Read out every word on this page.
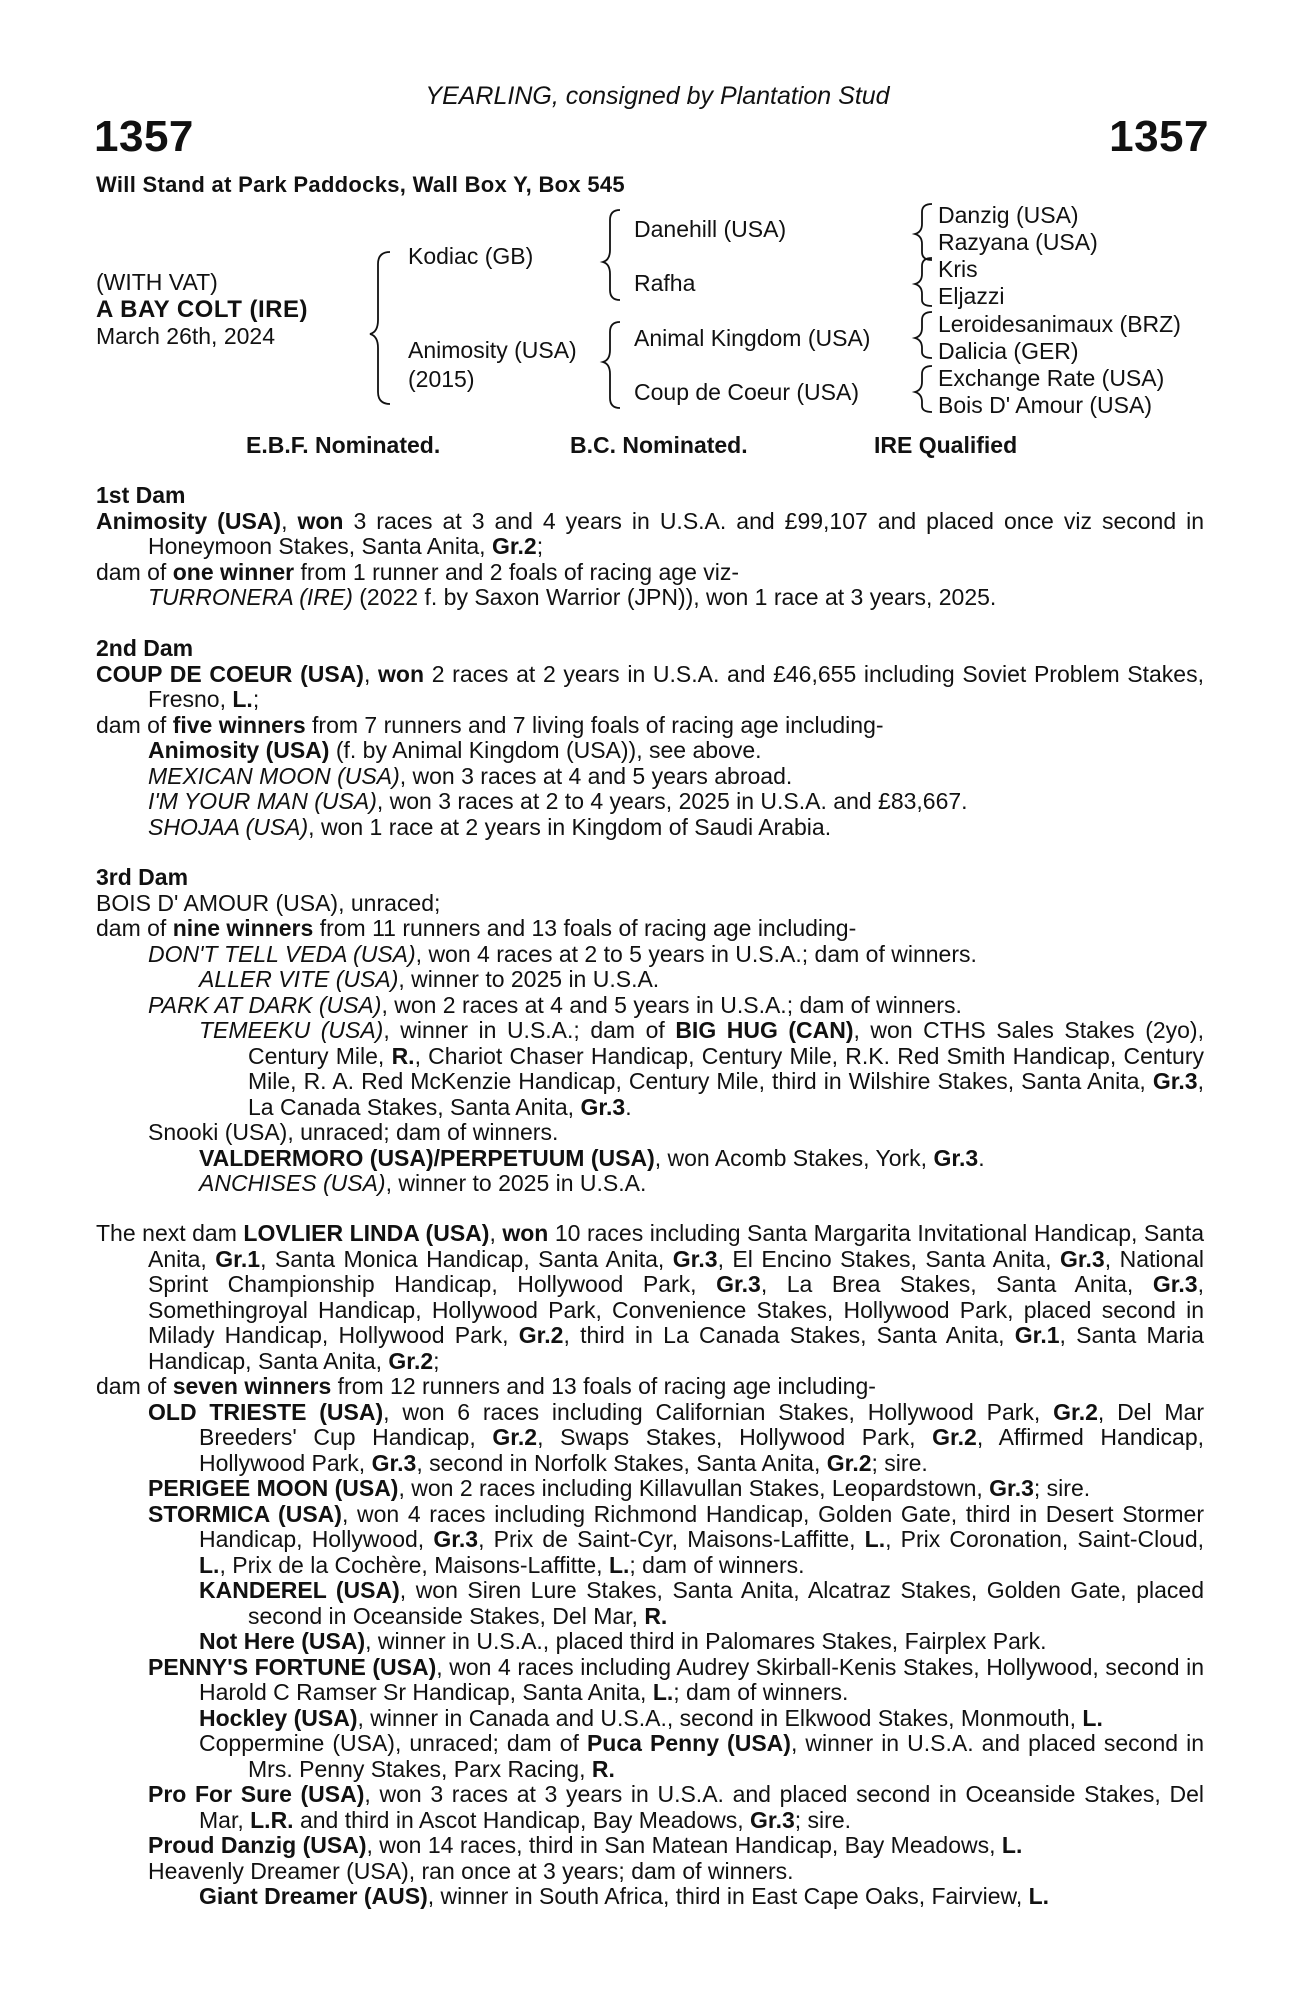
YEARLING, consigned by Plantation Stud
1357	1357
Will Stand at Park Paddocks, Wall Box Y, Box 545
(WITH VAT)
A BAY COLT (IRE)
March 26th, 2024
Kodiac (GB)
Animosity (USA)
(2015)
Danehill (USA)
Rafha
Animal Kingdom (USA)
Coup de Coeur (USA)
Danzig (USA)
Razyana (USA)
Kris
Eljazzi
Leroidesanimaux (BRZ)
Dalicia (GER)
Exchange Rate (USA)
Bois D' Amour (USA)
E.B.F. Nominated.	B.C. Nominated.	IRE Qualified
1st Dam
Animosity (USA), won 3 races at 3 and 4 years in U.S.A. and £99,107 and placed once viz second in Honeymoon Stakes, Santa Anita, Gr.2;
dam of one winner from 1 runner and 2 foals of racing age viz-
TURRONERA (IRE) (2022 f. by Saxon Warrior (JPN)), won 1 race at 3 years, 2025.
2nd Dam
COUP DE COEUR (USA), won 2 races at 2 years in U.S.A. and £46,655 including Soviet Problem Stakes, Fresno, L.;
dam of five winners from 7 runners and 7 living foals of racing age including-
Animosity (USA) (f. by Animal Kingdom (USA)), see above.
MEXICAN MOON (USA), won 3 races at 4 and 5 years abroad.
I'M YOUR MAN (USA), won 3 races at 2 to 4 years, 2025 in U.S.A. and £83,667.
SHOJAA (USA), won 1 race at 2 years in Kingdom of Saudi Arabia.
3rd Dam
BOIS D' AMOUR (USA), unraced;
dam of nine winners from 11 runners and 13 foals of racing age including-
DON'T TELL VEDA (USA), won 4 races at 2 to 5 years in U.S.A.; dam of winners.
ALLER VITE (USA), winner to 2025 in U.S.A.
PARK AT DARK (USA), won 2 races at 4 and 5 years in U.S.A.; dam of winners.
TEMEEKU (USA), winner in U.S.A.; dam of BIG HUG (CAN), won CTHS Sales Stakes (2yo), Century Mile, R., Chariot Chaser Handicap, Century Mile, R.K. Red Smith Handicap, Century Mile, R. A. Red McKenzie Handicap, Century Mile, third in Wilshire Stakes, Santa Anita, Gr.3, La Canada Stakes, Santa Anita, Gr.3.
Snooki (USA), unraced; dam of winners.
VALDERMORO (USA)/PERPETUUM (USA), won Acomb Stakes, York, Gr.3.
ANCHISES (USA), winner to 2025 in U.S.A.
The next dam LOVLIER LINDA (USA), won 10 races including Santa Margarita Invitational Handicap, Santa Anita, Gr.1, Santa Monica Handicap, Santa Anita, Gr.3, El Encino Stakes, Santa Anita, Gr.3, National Sprint Championship Handicap, Hollywood Park, Gr.3, La Brea Stakes, Santa Anita, Gr.3, Somethingroyal Handicap, Hollywood Park, Convenience Stakes, Hollywood Park, placed second in Milady Handicap, Hollywood Park, Gr.2, third in La Canada Stakes, Santa Anita, Gr.1, Santa Maria Handicap, Santa Anita, Gr.2;
dam of seven winners from 12 runners and 13 foals of racing age including-
OLD TRIESTE (USA), won 6 races including Californian Stakes, Hollywood Park, Gr.2, Del Mar Breeders' Cup Handicap, Gr.2, Swaps Stakes, Hollywood Park, Gr.2, Affirmed Handicap, Hollywood Park, Gr.3, second in Norfolk Stakes, Santa Anita, Gr.2; sire.
PERIGEE MOON (USA), won 2 races including Killavullan Stakes, Leopardstown, Gr.3; sire.
STORMICA (USA), won 4 races including Richmond Handicap, Golden Gate, third in Desert Stormer Handicap, Hollywood, Gr.3, Prix de Saint-Cyr, Maisons-Laffitte, L., Prix Coronation, Saint-Cloud, L., Prix de la Cochère, Maisons-Laffitte, L.; dam of winners.
KANDEREL (USA), won Siren Lure Stakes, Santa Anita, Alcatraz Stakes, Golden Gate, placed second in Oceanside Stakes, Del Mar, R.
Not Here (USA), winner in U.S.A., placed third in Palomares Stakes, Fairplex Park.
PENNY'S FORTUNE (USA), won 4 races including Audrey Skirball-Kenis Stakes, Hollywood, second in Harold C Ramser Sr Handicap, Santa Anita, L.; dam of winners.
Hockley (USA), winner in Canada and U.S.A., second in Elkwood Stakes, Monmouth, L.
Coppermine (USA), unraced; dam of Puca Penny (USA), winner in U.S.A. and placed second in Mrs. Penny Stakes, Parx Racing, R.
Pro For Sure (USA), won 3 races at 3 years in U.S.A. and placed second in Oceanside Stakes, Del Mar, L.R. and third in Ascot Handicap, Bay Meadows, Gr.3; sire.
Proud Danzig (USA), won 14 races, third in San Matean Handicap, Bay Meadows, L.
Heavenly Dreamer (USA), ran once at 3 years; dam of winners.
Giant Dreamer (AUS), winner in South Africa, third in East Cape Oaks, Fairview, L.
